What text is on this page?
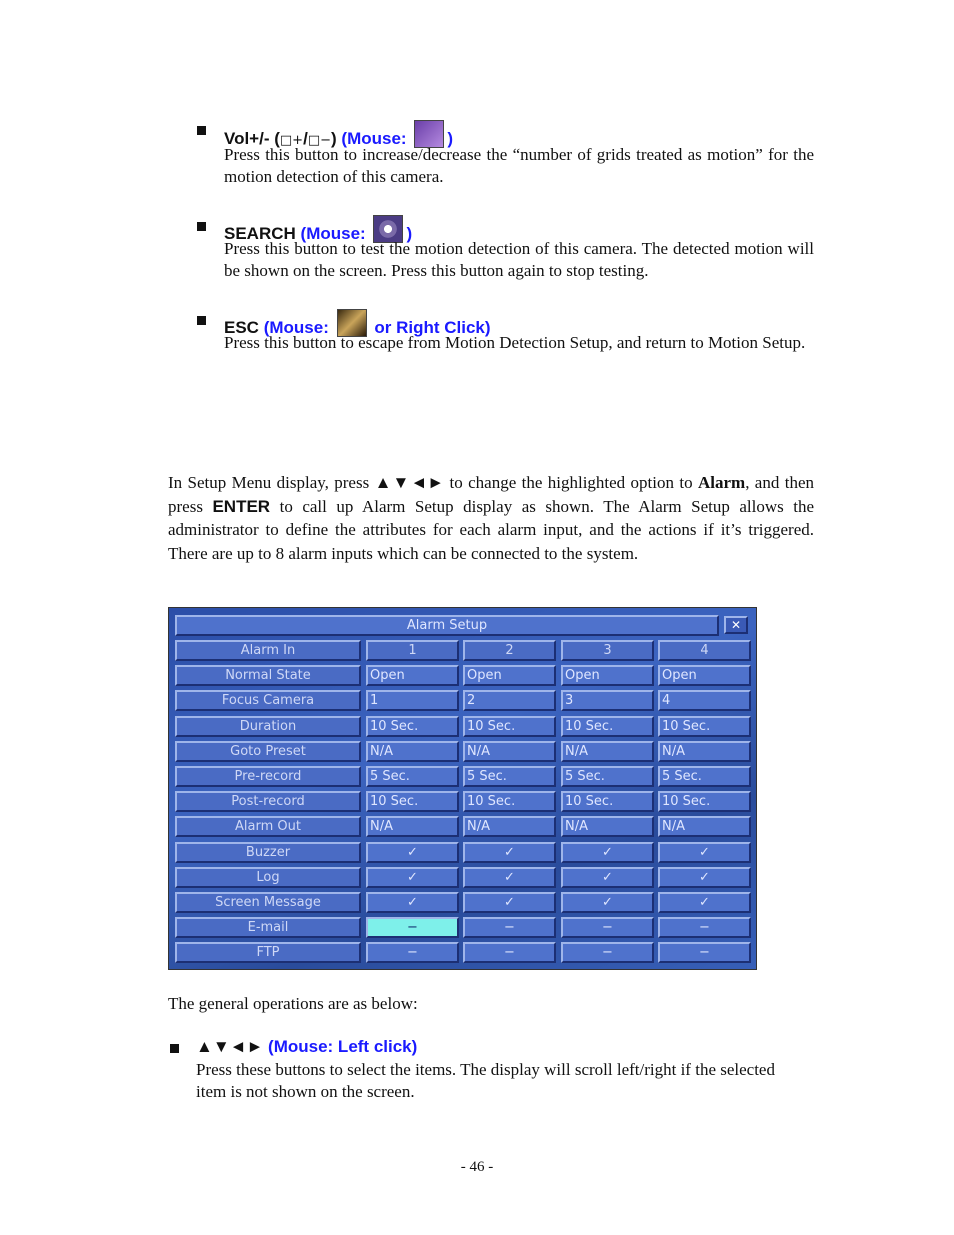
Vol+/- (□+/□−) (Mouse: )
Press this button to increase/decrease the “number of grids treated as motion” for the motion detection of this camera.
SEARCH (Mouse: )
Press this button to test the motion detection of this camera. The detected motion will be shown on the screen. Press this button again to stop testing.
ESC (Mouse:	or Right Click)
Press this button to escape from Motion Detection Setup, and return to Motion Setup.
In Setup Menu display, press ▲▼◄► to change the highlighted option to Alarm, and then press ENTER to call up Alarm Setup display as shown. The Alarm Setup allows the administrator to define the attributes for each alarm input, and the actions if it’s triggered. There are up to 8 alarm inputs which can be connected to the system.
Alarm Setup	✕
Alarm In	1	2	3	4
Normal State	Open	Open	Open	Open
Focus Camera	1	2	3	4
Duration	10 Sec.	10 Sec.	10 Sec.	10 Sec.
Goto Preset	N/A	N/A	N/A	N/A
Pre-record	5 Sec.	5 Sec.	5 Sec.	5 Sec.
Post-record	10 Sec.	10 Sec.	10 Sec.	10 Sec.
Alarm Out	N/A	N/A	N/A	N/A
Buzzer	✓	✓	✓	✓
Log	✓	✓	✓	✓
Screen Message	✓	✓	✓	✓
E-mail	−	−	−	−
FTP	−	−	−	−
The general operations are as below:
▲▼◄► (Mouse: Left click)
Press these buttons to select the items. The display will scroll left/right if the selected item is not shown on the screen.
- 46 -
